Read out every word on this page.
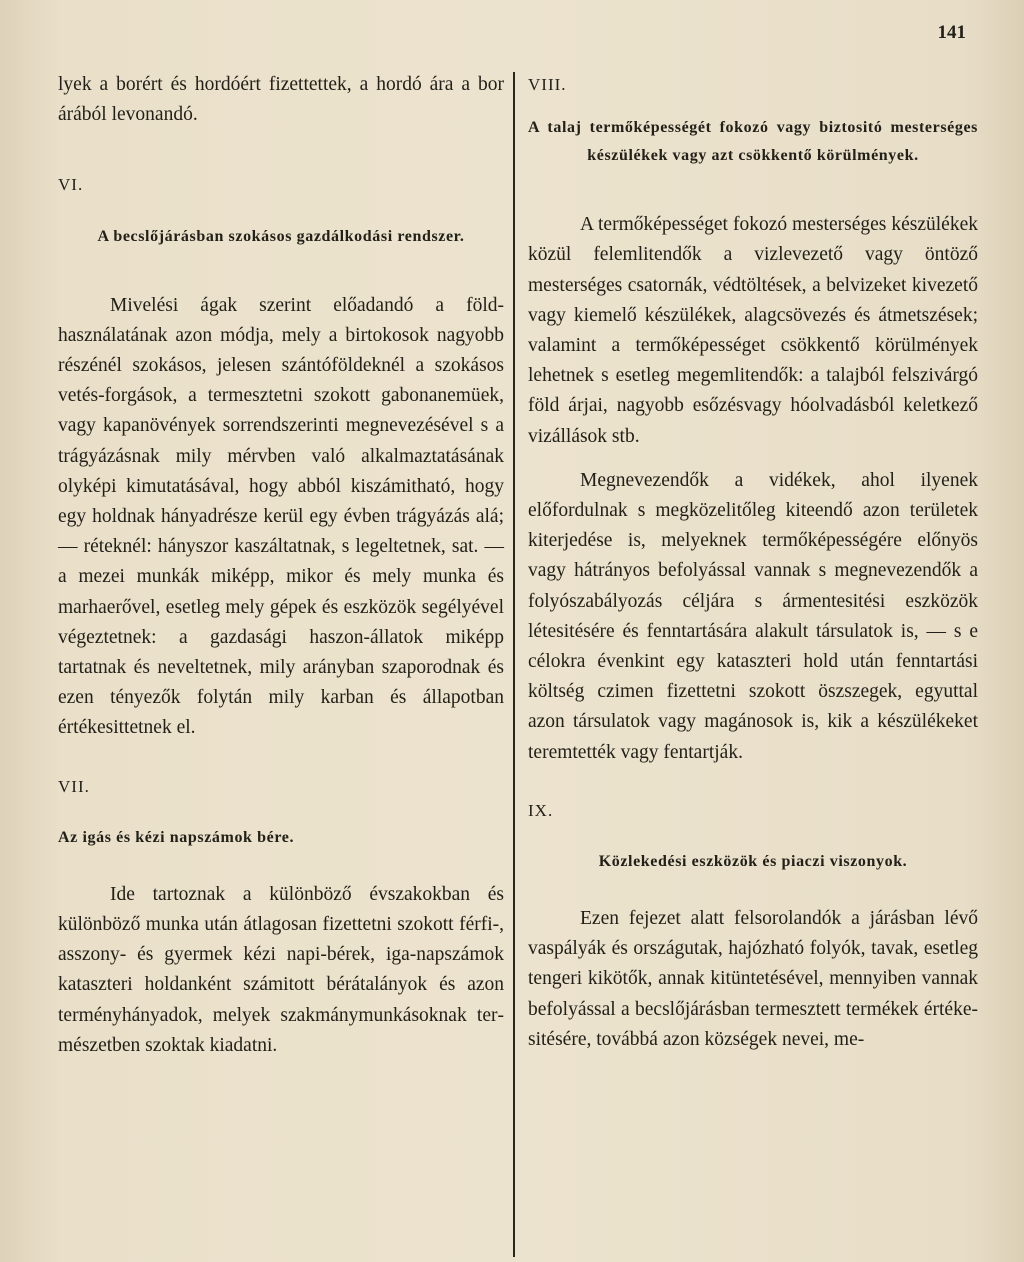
141

lyek a borért és hordóért fizettettek, a hordó ára a bor árából levonandó.

VI.

A becslőjárásban szokásos gazdálkodási rendszer.

Mivelési ágak szerint előadandó a földhasználatának azon módja, mely a birtokosok nagyobb részénél szokásos, jelesen szántóföldeknél a szokásos vetés-forgások, a termesztetni szokott gabonanemüek, vagy kapanövények sorrendszerinti megnevezésével s a trágyázásnak mily mérvben való alkalmaztatásának olyképi kimutatásával, hogy abból kiszámitható, hogy egy holdnak hányadrésze kerül egy évben trágyázás alá; — réteknél: hányszor kaszáltatnak, s legeltetnek, sat. — a mezei munkák miképp, mikor és mely munka és marhaerővel, esetleg mely gépek és eszközök segélyével végeztetnek: a gazdasági haszon-állatok miképp tartatnak és neveltetnek, mily arányban szaporodnak és ezen tényezők folytán mily karban és állapotban értékesittetnek el.

VII.

Az igás és kézi napszámok bére.

Ide tartoznak a különböző évszakokban és különböző munka után átlagosan fizettetni szokott férfi-, asszony- és gyermek kézi napi-bérek, iga-napszámok kataszteri holdanként számitott bérátalányok és azon terményhányadok, melyek szakmánymunkásoknak természetben szoktak kiadatni.

VIII.

A talaj termőképességét fokozó vagy biztositó mesterséges készülékek vagy azt csökkentő körülmények.

A termőképességet fokozó mesterséges készülékek közül felemlitendők a vizlevezető vagy öntöző mesterséges csatornák, védtöltések, a belvizeket kivezető vagy kiemelő készülékek, alagcsövezés és átmetszések; valamint a termőképességet csökkentő körülmények lehetnek s esetleg megemlitendők: a talajból felszivárgó föld árjai, nagyobb esőzésvagy hóolvadásból keletkező vizállások stb.

Megnevezendők a vidékek, ahol ilyenek előfordulnak s megközelitőleg kiteendő azon területek kiterjedése is, melyeknek termőképességére előnyös vagy hátrányos befolyással vannak s megnevezendők a folyószabályozás céljára s ármentesitési eszközök létesitésére és fenntartására alakult társulatok is, — s e célokra évenkint egy kataszteri hold után fenntartási költség czimen fizettetni szokott öszszegek, egyuttal azon társulatok vagy magánosok is, kik a készülékeket teremtették vagy fentartják.

IX.

Közlekedési eszközök és piaczi viszonyok.

Ezen fejezet alatt felsorolandók a járásban lévő vaspályák és országutak, hajózható folyók, tavak, esetleg tengeri kikötők, annak kitüntetésével, mennyiben vannak befolyással a becslőjárásban termesztett termékek értékesitésére, továbbá azon községek nevei, me-
